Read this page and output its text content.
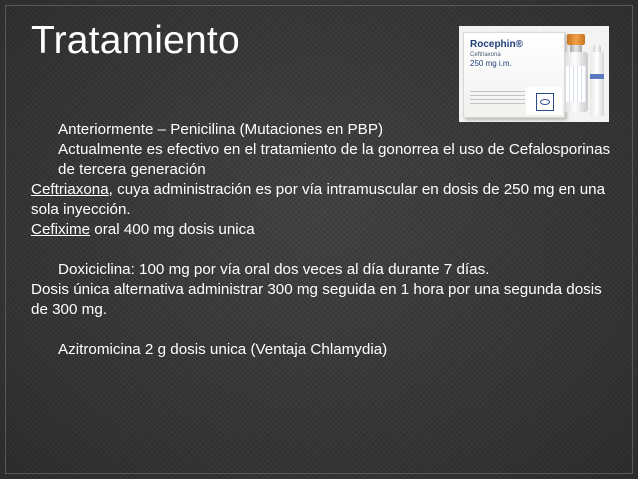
Tratamiento	Rocephin®
Ceftriaxona
250 mg i.m.
Anteriormente – Penicilina (Mutaciones en PBP)
Actualmente es efectivo en el tratamiento de la gonorrea el uso de Cefalosporinas de tercera generación

Ceftriaxona, cuya administración es por vía intramuscular en dosis de 250 mg en una sola inyección.

Cefixime oral 400 mg dosis unica

Doxiciclina: 100 mg por vía oral dos veces al día durante 7 días.

Dosis única alternativa administrar 300 mg seguida en 1 hora por una segunda dosis de 300 mg.

Azitromicina 2 g dosis unica (Ventaja Chlamydia)
